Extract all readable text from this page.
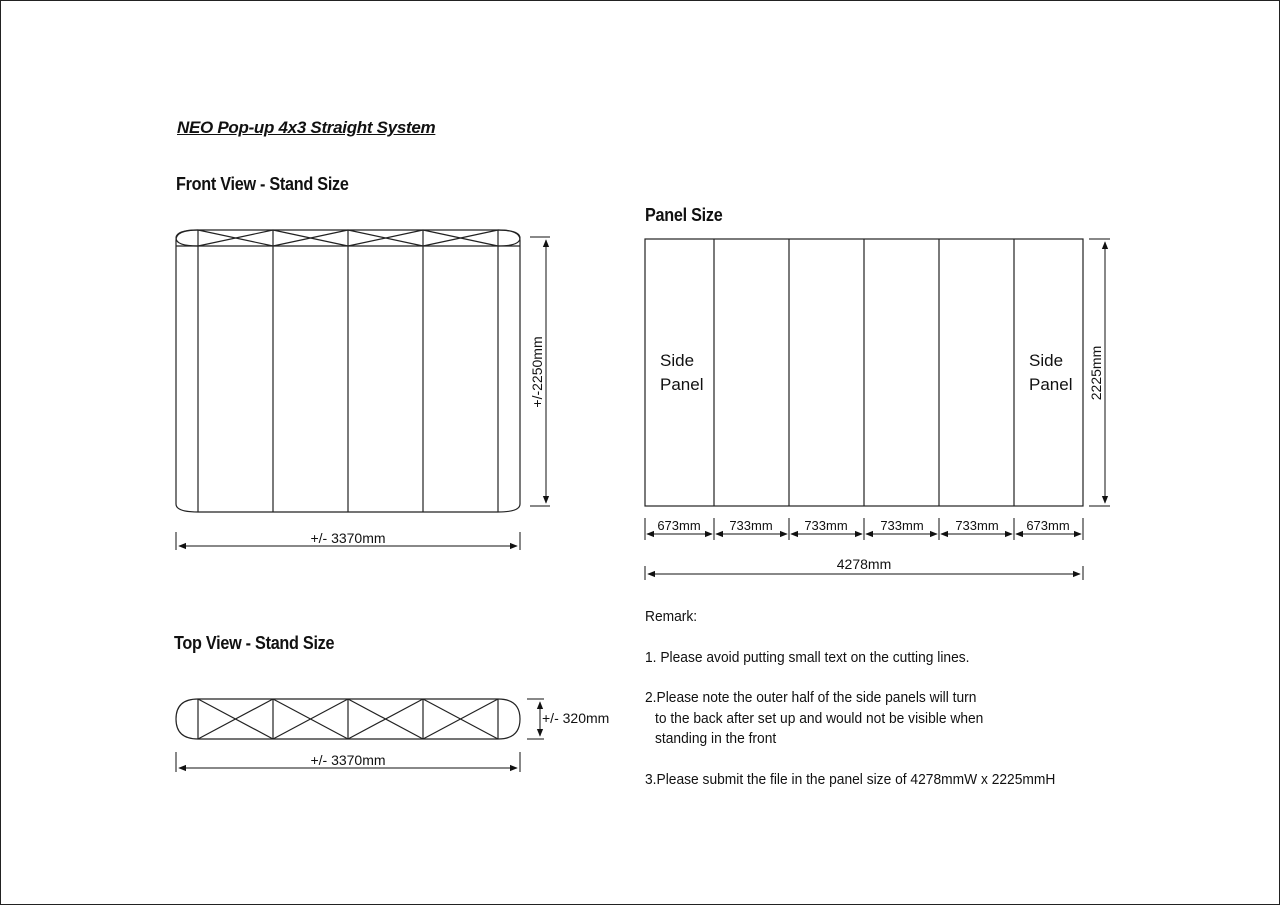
NEO Pop-up 4x3 Straight System
Front View - Stand Size
Panel Size
Top View - Stand Size
+/-2250mm
+/- 3370mm
+/- 320mm
+/- 3370mm
Side
Panel
Side
Panel 2225mm
673mm 733mm 733mm	733mm 733mm 673mm
4278mm
Remark:
1. Please avoid putting small text on the cutting lines.
2.Please note the outer half of the side panels will turn
to the back after set up and would not be visible when
standing in the front
3.Please submit the file in the panel size of 4278mmW x 2225mmH
